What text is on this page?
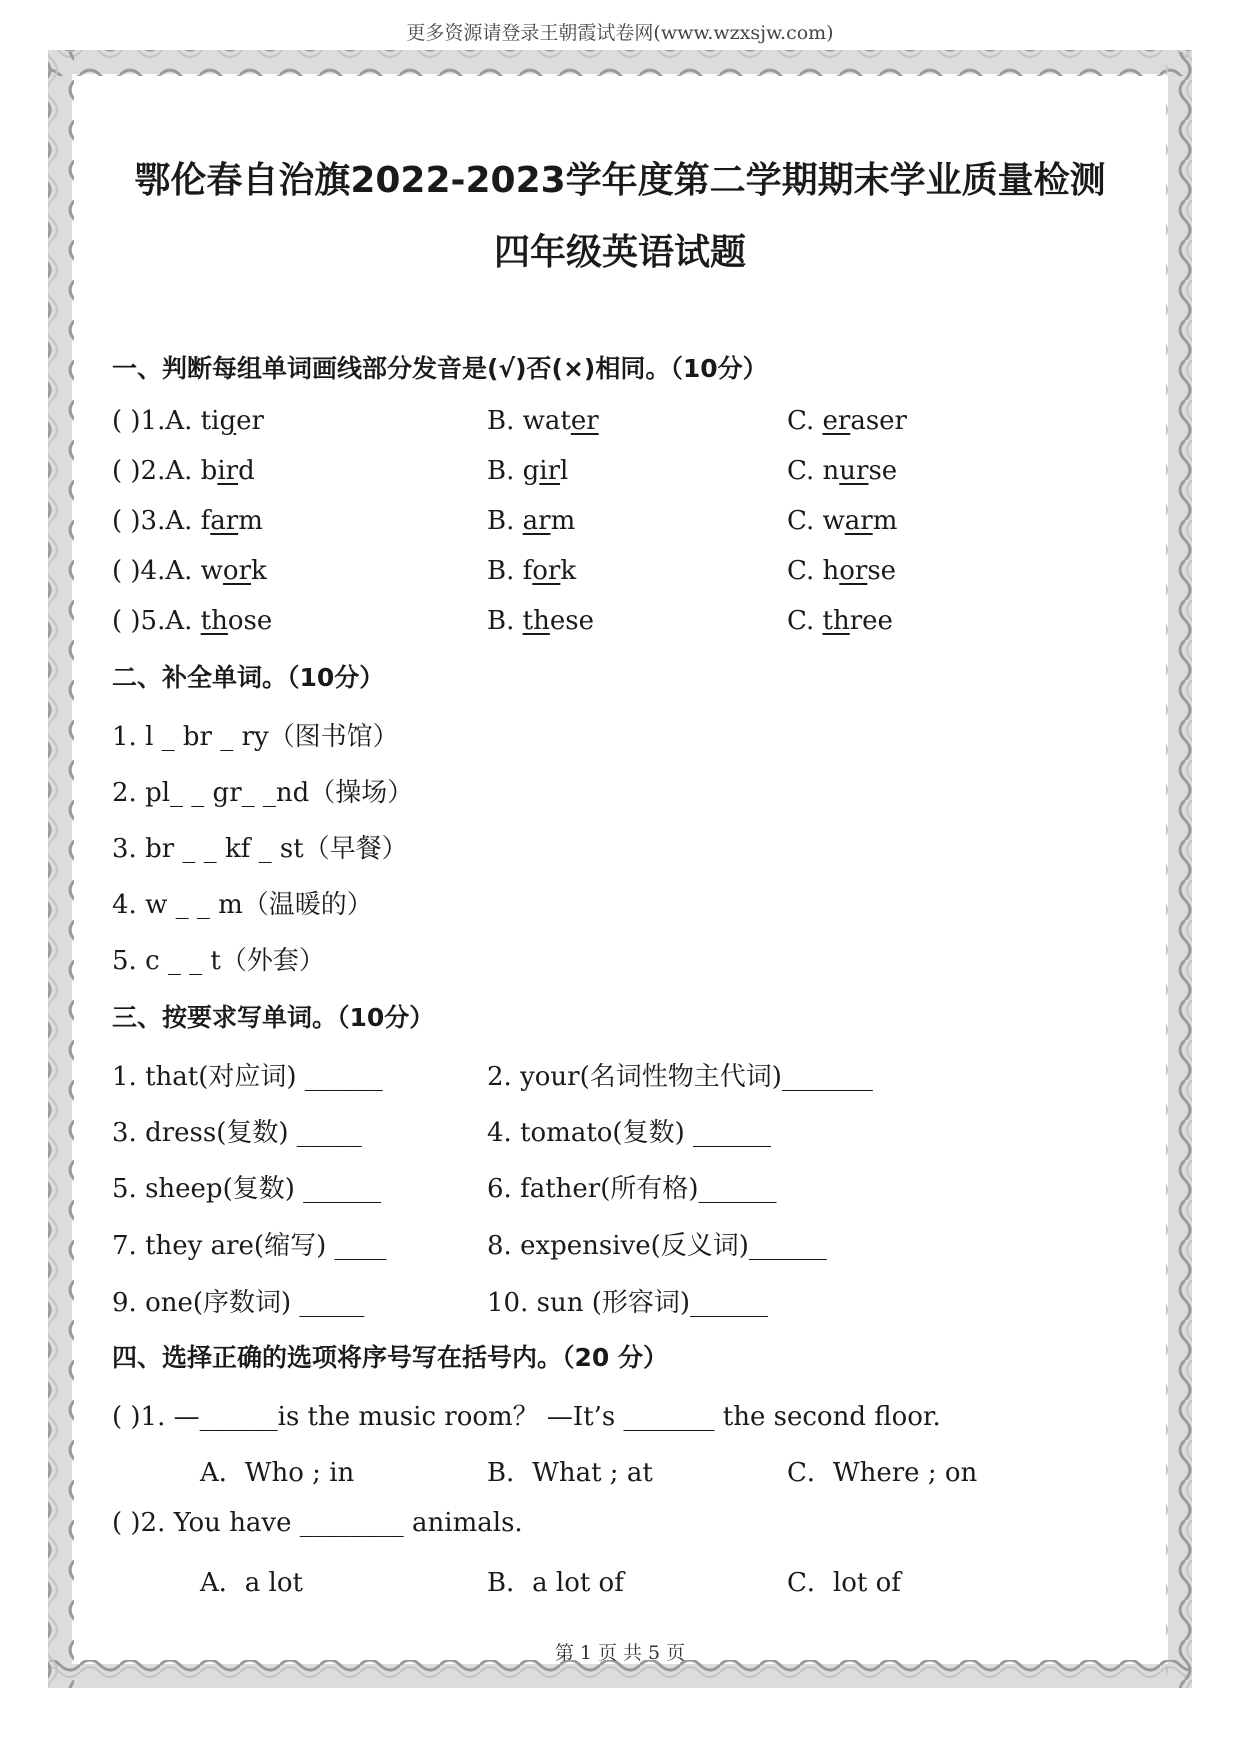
更多资源请登录王朝霞试卷网(www.wzxsjw.com)
鄂伦春自治旗2022-2023学年度第二学期期末学业质量检测
四年级英语试题
一、判断每组单词画线部分发音是(√)否(×)相同。（10分）
( )1.A. tiger	B. water	C. eraser
( )2.A. bird	B. girl	C. nurse
( )3.A. farm	B. arm	C. warm
( )4.A. work	B. fork	C. horse
( )5.A. those	B. these	C. three
二、补全单词。（10分）
1. l _ br _ ry（图书馆）
2. pl_ _ gr_ _nd（操场）
3. br _ _ kf _ st（早餐）
4. w _ _ m（温暖的）
5. c _ _ t（外套）
三、按要求写单词。（10分）
1. that(对应词) ______	2. your(名词性物主代词)_______
3. dress(复数) _____	4. tomato(复数) ______
5. sheep(复数) ______	6. father(所有格)______
7. they are(缩写) ____	8. expensive(反义词)______
9. one(序数词) _____	10. sun (形容词)______
四、选择正确的选项将序号写在括号内。（20 分）
( )1. —______is the music room？ —It’s _______ the second floor.
A．Who ; in	B．What ; at	C．Where ; on
( )2. You have ________ animals.
A．a lot	B．a lot of	C．lot of
第 1 页 共 5 页
